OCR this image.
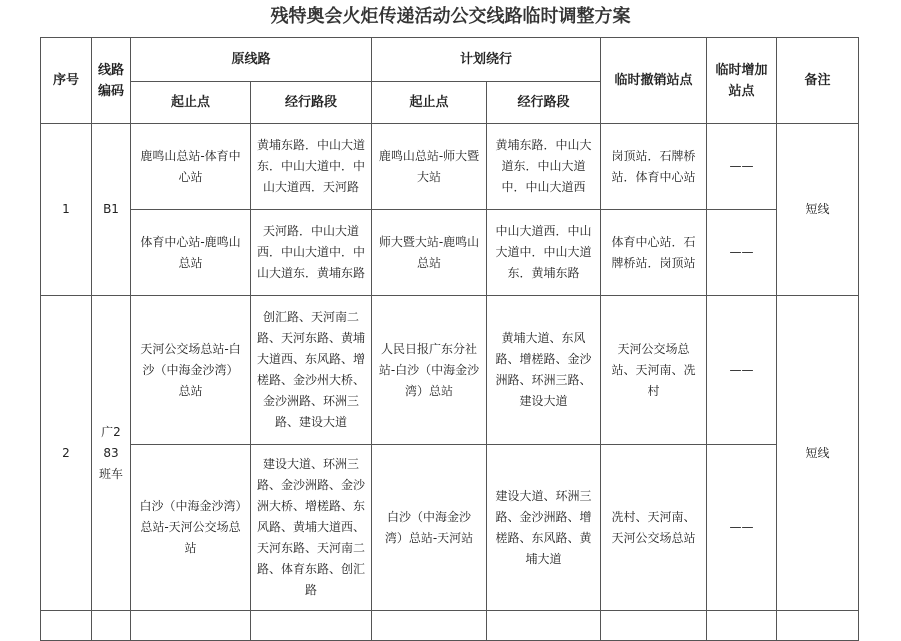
残特奥会火炬传递活动公交线路临时调整方案
序号	线路编码	原线路		计划绕行		临时撤销站点	临时增加站点	备注
		起止点	经行路段	起止点	经行路段			
1	B1	鹿鸣山总站-体育中心站	黄埔东路．中山大道东．中山大道中．中山大道西．天河路	鹿鸣山总站-师大暨大站	黄埔东路．中山大道东．中山大道中．中山大道西	岗顶站．石牌桥站．体育中心站	——	短线
		体育中心站-鹿鸣山总站	天河路．中山大道西．中山大道中．中山大道东．黄埔东路	师大暨大站-鹿鸣山总站	中山大道西．中山大道中．中山大道东．黄埔东路	体育中心站．石牌桥站．岗顶站	——	
2	广283班车	天河公交场总站-白沙（中海金沙湾）总站	创汇路、天河南二路、天河东路、黄埔大道西、东风路、增槎路、金沙州大桥、金沙洲路、环洲三路、建设大道	人民日报广东分社站-白沙（中海金沙湾）总站	黄埔大道、东风路、增槎路、金沙洲路、环洲三路、建设大道	天河公交场总站、天河南、冼村	——	短线
		白沙（中海金沙湾）总站-天河公交场总站	建设大道、环洲三路、金沙洲路、金沙洲大桥、增槎路、东风路、黄埔大道西、天河东路、天河南二路、体育东路、创汇路	白沙（中海金沙湾）总站-天河站	建设大道、环洲三路、金沙洲路、增槎路、东风路、黄埔大道	冼村、天河南、天河公交场总站	——	
